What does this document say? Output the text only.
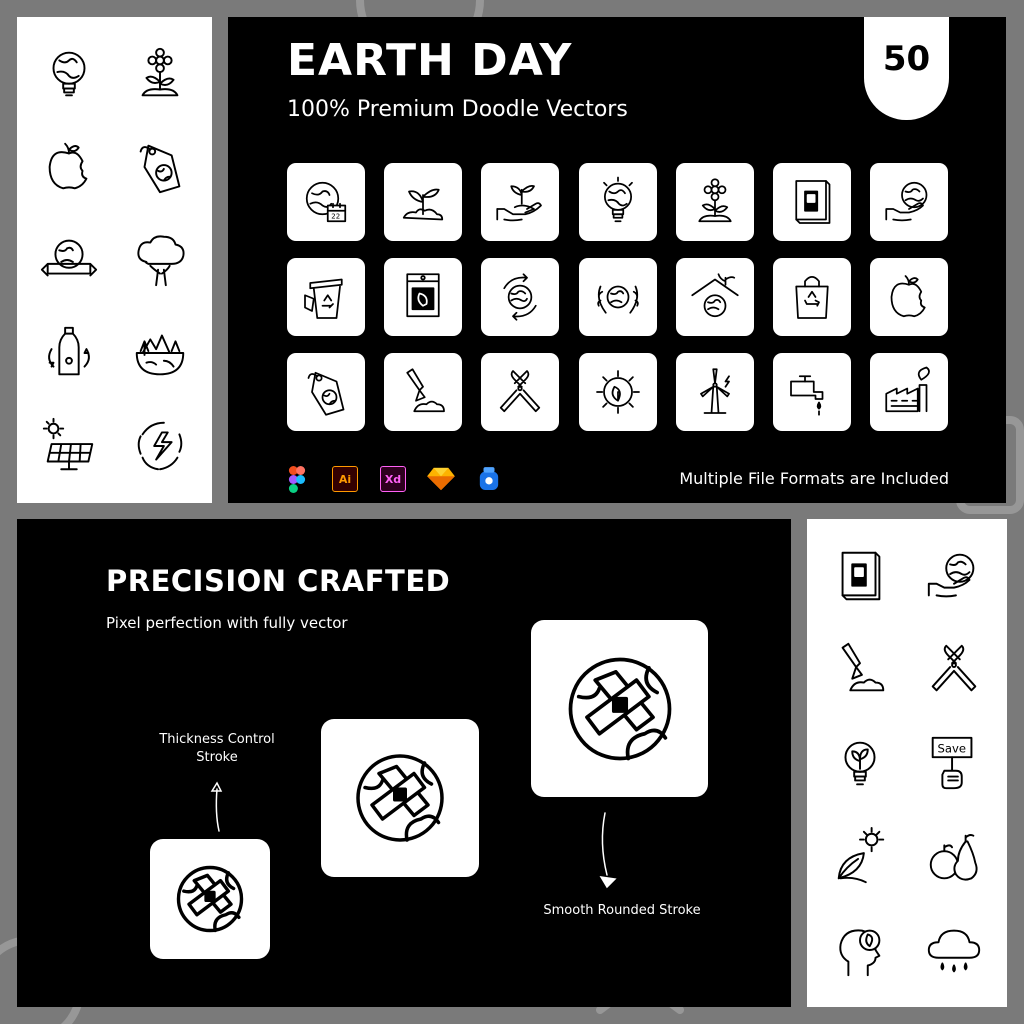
EARTH DAY
100% Premium Doodle Vectors
50
22
Ai	Xd	Multiple File Formats are Included
PRECISION CRAFTED
Pixel perfection with fully vector
Thickness Control
Stroke
Smooth Rounded Stroke
Save
